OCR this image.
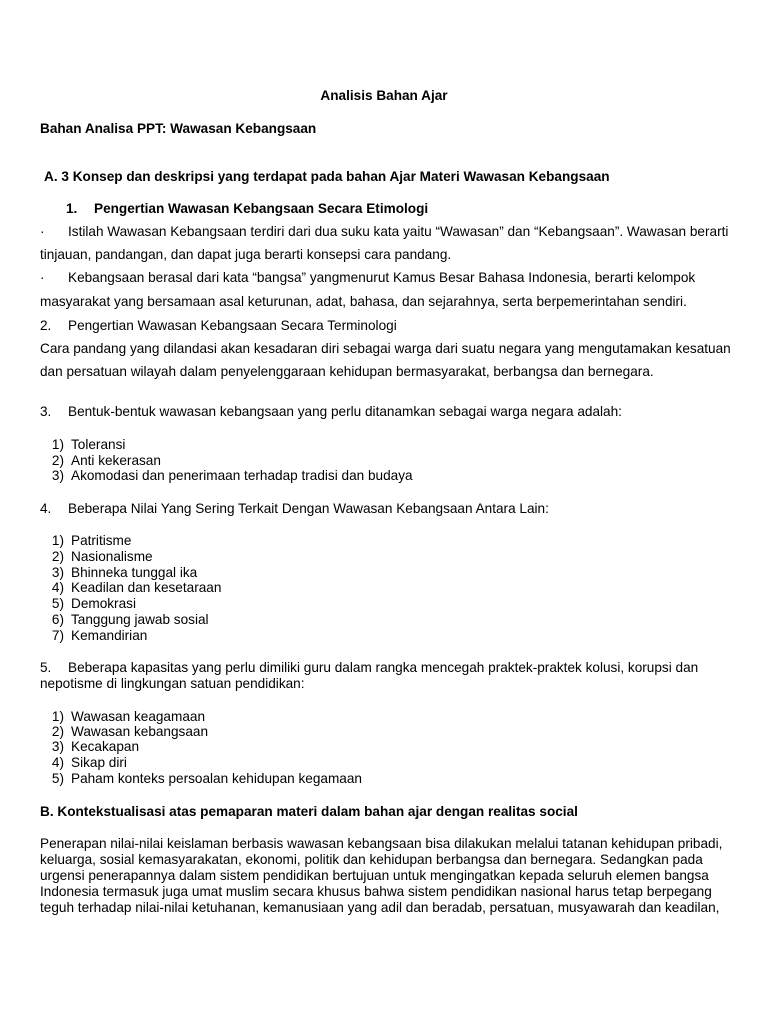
Analisis Bahan Ajar
Bahan Analisa PPT: Wawasan Kebangsaan
A. 3 Konsep dan deskripsi yang terdapat pada bahan Ajar Materi Wawasan Kebangsaan
1. Pengertian Wawasan Kebangsaan Secara Etimologi
· Istilah Wawasan Kebangsaan terdiri dari dua suku kata yaitu “Wawasan” dan “Kebangsaan”. Wawasan berarti
tinjauan, pandangan, dan dapat juga berarti konsepsi cara pandang.
· Kebangsaan berasal dari kata “bangsa” yangmenurut Kamus Besar Bahasa Indonesia, berarti kelompok
masyarakat yang bersamaan asal keturunan, adat, bahasa, dan sejarahnya, serta berpemerintahan sendiri.
2. Pengertian Wawasan Kebangsaan Secara Terminologi
Cara pandang yang dilandasi akan kesadaran diri sebagai warga dari suatu negara yang mengutamakan kesatuan
dan persatuan wilayah dalam penyelenggaraan kehidupan bermasyarakat, berbangsa dan bernegara.
3. Bentuk-bentuk wawasan kebangsaan yang perlu ditanamkan sebagai warga negara adalah:
1) Toleransi
2) Anti kekerasan
3) Akomodasi dan penerimaan terhadap tradisi dan budaya
4. Beberapa Nilai Yang Sering Terkait Dengan Wawasan Kebangsaan Antara Lain:
1) Patritisme
2) Nasionalisme
3) Bhinneka tunggal ika
4) Keadilan dan kesetaraan
5) Demokrasi
6) Tanggung jawab sosial
7) Kemandirian
5. Beberapa kapasitas yang perlu dimiliki guru dalam rangka mencegah praktek-praktek kolusi, korupsi dan
nepotisme di lingkungan satuan pendidikan:
1) Wawasan keagamaan
2) Wawasan kebangsaan
3) Kecakapan
4) Sikap diri
5) Paham konteks persoalan kehidupan kegamaan
B. Kontekstualisasi atas pemaparan materi dalam bahan ajar dengan realitas social
Penerapan nilai-nilai keislaman berbasis wawasan kebangsaan bisa dilakukan melalui tatanan kehidupan pribadi,
keluarga, sosial kemasyarakatan, ekonomi, politik dan kehidupan berbangsa dan bernegara. Sedangkan pada
urgensi penerapannya dalam sistem pendidikan bertujuan untuk mengingatkan kepada seluruh elemen bangsa
Indonesia termasuk juga umat muslim secara khusus bahwa sistem pendidikan nasional harus tetap berpegang
teguh terhadap nilai-nilai ketuhanan, kemanusiaan yang adil dan beradab, persatuan, musyawarah dan keadilan,
